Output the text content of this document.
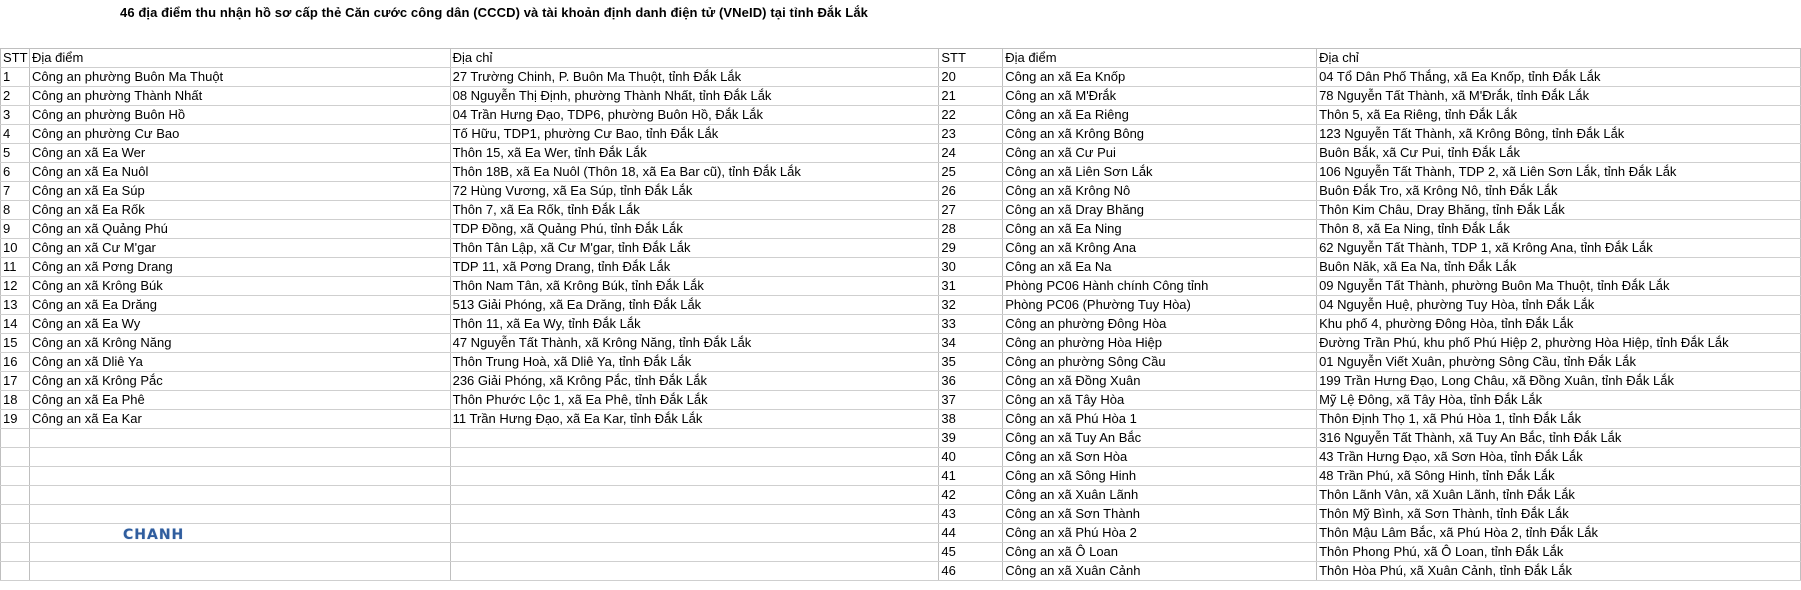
46 địa điểm thu nhận hồ sơ cấp thẻ Căn cước công dân (CCCD) và tài khoản định danh điện tử (VNeID) tại tỉnh Đắk Lắk
STT	Địa điểm	Địa chỉ	STT	Địa điểm	Địa chỉ
1	Công an phường Buôn Ma Thuột	27 Trường Chinh, P. Buôn Ma Thuột, tỉnh Đắk Lắk	20	Công an xã Ea Knốp	04 Tổ Dân Phố Thắng, xã Ea Knốp, tỉnh Đắk Lắk
2	Công an phường Thành Nhất	08 Nguyễn Thị Định, phường Thành Nhất, tỉnh Đắk Lắk	21	Công an xã M'Đrắk	78 Nguyễn Tất Thành, xã M'Đrắk, tỉnh Đắk Lắk
3	Công an phường Buôn Hồ	04 Trần Hưng Đạo, TDP6, phường Buôn Hồ, Đắk Lắk	22	Công an xã Ea Riêng	Thôn 5, xã Ea Riêng, tỉnh Đắk Lắk
4	Công an phường Cư Bao	Tố Hữu, TDP1, phường Cư Bao, tỉnh Đắk Lắk	23	Công an xã Krông Bông	123 Nguyễn Tất Thành, xã Krông Bông, tỉnh Đắk Lắk
5	Công an xã Ea Wer	Thôn 15, xã Ea Wer, tỉnh Đắk Lắk	24	Công an xã Cư Pui	Buôn Bắk, xã Cư Pui, tỉnh Đắk Lắk
6	Công an xã Ea Nuôl	Thôn 18B, xã Ea Nuôl (Thôn 18, xã Ea Bar cũ), tỉnh Đắk Lắk	25	Công an xã Liên Sơn Lắk	106 Nguyễn Tất Thành, TDP 2, xã Liên Sơn Lắk, tỉnh Đắk Lắk
7	Công an xã Ea Súp	72 Hùng Vương, xã Ea Súp, tỉnh Đắk Lắk	26	Công an xã Krông Nô	Buôn Đắk Tro, xã Krông Nô, tỉnh Đắk Lắk
8	Công an xã Ea Rốk	Thôn 7, xã Ea Rốk, tỉnh Đắk Lắk	27	Công an xã Dray Bhăng	Thôn Kim Châu, Dray Bhăng, tỉnh Đắk Lắk
9	Công an xã Quảng Phú	TDP Đồng, xã Quảng Phú, tỉnh Đắk Lắk	28	Công an xã Ea Ning	Thôn 8, xã Ea Ning, tỉnh Đắk Lắk
10	Công an xã Cư M'gar	Thôn Tân Lập, xã Cư M'gar, tỉnh Đắk Lắk	29	Công an xã Krông Ana	62 Nguyễn Tất Thành, TDP 1, xã Krông Ana, tỉnh Đắk Lắk
11	Công an xã Pơng Drang	TDP 11, xã Pơng Drang, tỉnh Đắk Lắk	30	Công an xã Ea Na	Buôn Năk, xã Ea Na, tỉnh Đắk Lắk
12	Công an xã Krông Búk	Thôn Nam Tân, xã Krông Búk, tỉnh Đắk Lắk	31	Phòng PC06 Hành chính Công tỉnh	09 Nguyễn Tất Thành, phường Buôn Ma Thuột, tỉnh Đắk Lắk
13	Công an xã Ea Drăng	513 Giải Phóng, xã Ea Drăng, tỉnh Đắk Lắk	32	Phòng PC06 (Phường Tuy Hòa)	04 Nguyễn Huệ, phường Tuy Hòa, tỉnh Đắk Lắk
14	Công an xã Ea Wy	Thôn 11, xã Ea Wy, tỉnh Đắk Lắk	33	Công an phường Đông Hòa	Khu phố 4, phường Đông Hòa, tỉnh Đắk Lắk
15	Công an xã Krông Năng	47 Nguyễn Tất Thành, xã Krông Năng, tỉnh Đắk Lắk	34	Công an phường Hòa Hiệp	Đường Trần Phú, khu phố Phú Hiệp 2, phường Hòa Hiệp, tỉnh Đắk Lắk
16	Công an xã Dliê Ya	Thôn Trung Hoà, xã Dliê Ya, tỉnh Đắk Lắk	35	Công an phường Sông Cầu	01 Nguyễn Viết Xuân, phường Sông Cầu, tỉnh Đắk Lắk
17	Công an xã Krông Pắc	236 Giải Phóng, xã Krông Pắc, tỉnh Đắk Lắk	36	Công an xã Đồng Xuân	199 Trần Hưng Đạo, Long Châu, xã Đồng Xuân, tỉnh Đắk Lắk
18	Công an xã Ea Phê	Thôn Phước Lộc 1, xã Ea Phê, tỉnh Đắk Lắk	37	Công an xã Tây Hòa	Mỹ Lệ Đông, xã Tây Hòa, tỉnh Đắk Lắk
19	Công an xã Ea Kar	11 Trần Hưng Đạo, xã Ea Kar, tỉnh Đắk Lắk	38	Công an xã Phú Hòa 1	Thôn Định Thọ 1, xã Phú Hòa 1, tỉnh Đắk Lắk
			39	Công an xã Tuy An Bắc	316 Nguyễn Tất Thành, xã Tuy An Bắc, tỉnh Đắk Lắk
			40	Công an xã Sơn Hòa	43 Trần Hưng Đạo, xã Sơn Hòa, tỉnh Đắk Lắk
			41	Công an xã Sông Hinh	48 Trần Phú, xã Sông Hinh, tỉnh Đắk Lắk
			42	Công an xã Xuân Lãnh	Thôn Lãnh Vân, xã Xuân Lãnh, tỉnh Đắk Lắk
			43	Công an xã Sơn Thành	Thôn Mỹ Bình, xã Sơn Thành, tỉnh Đắk Lắk
			44	Công an xã Phú Hòa 2	Thôn Mậu Lâm Bắc, xã Phú Hòa 2, tỉnh Đắk Lắk
			45	Công an xã Ô Loan	Thôn Phong Phú, xã Ô Loan, tỉnh Đắk Lắk
			46	Công an xã Xuân Cảnh	Thôn Hòa Phú, xã Xuân Cảnh, tỉnh Đắk Lắk
CHANH
